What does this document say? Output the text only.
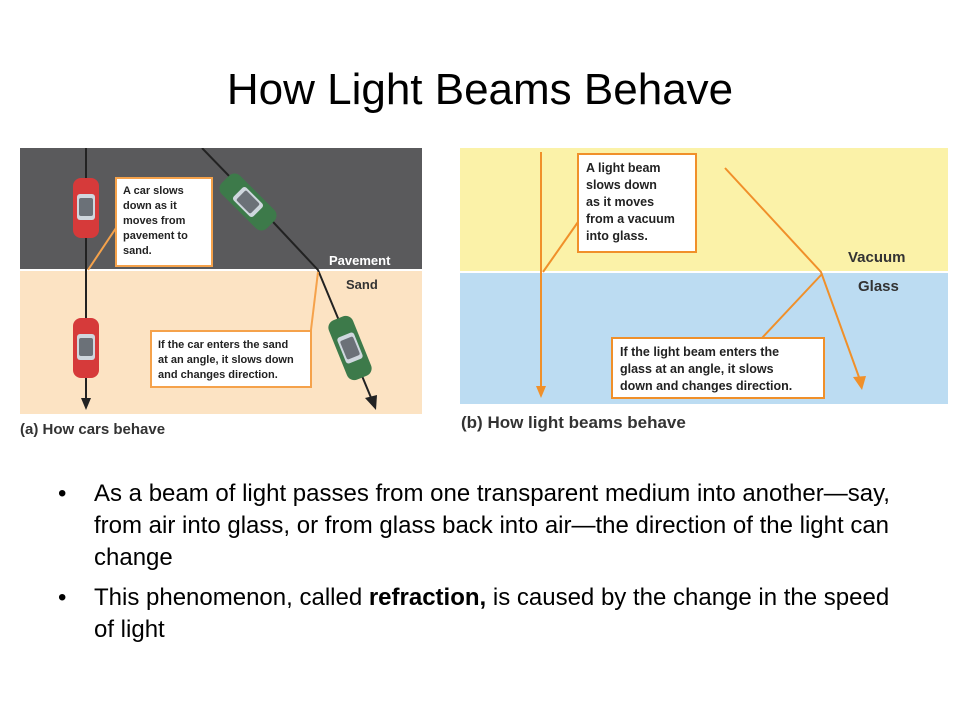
How Light Beams Behave
A car slows down as it moves from pavement to sand.
If the car enters the sand at an angle, it slows down and changes direction.
Pavement
Sand
(a) How cars behave
A light beam slows down as it moves from a vacuum into glass.
If the light beam enters the glass at an angle, it slows down and changes direction.
Vacuum
Glass
(b) How light beams behave
• As a beam of light passes from one transparent medium into another—say, from air into glass, or from glass back into air—the direction of the light can change
• This phenomenon, called refraction, is caused by the change in the speed of light
